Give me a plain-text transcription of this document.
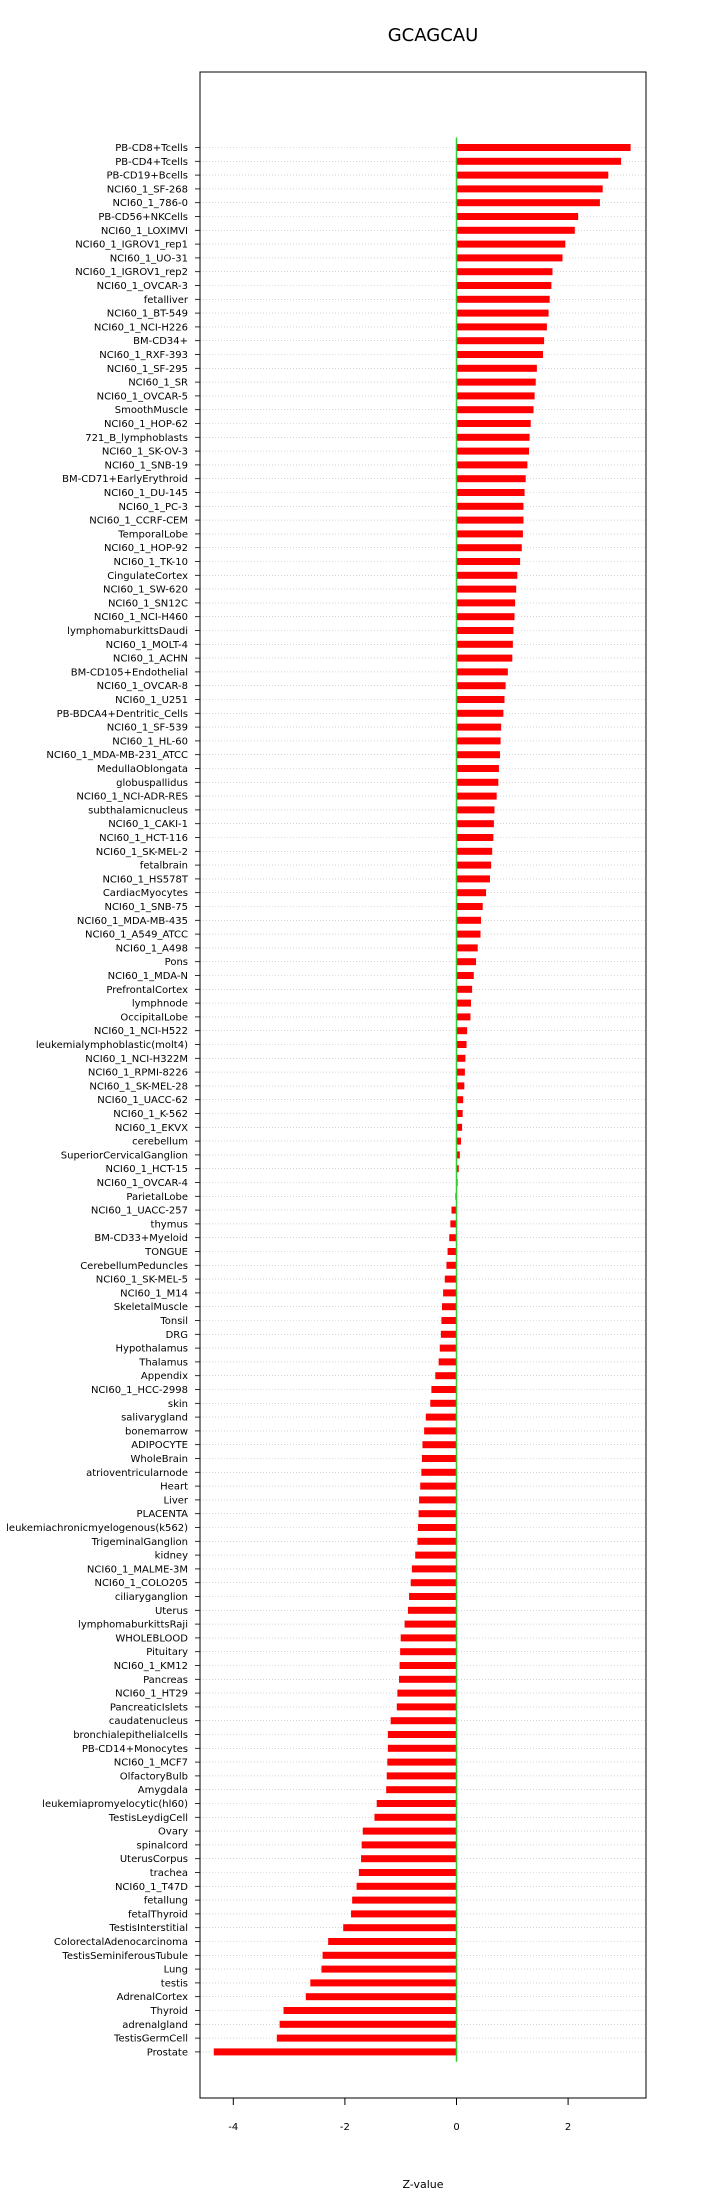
GCAGCAU
PB-CD8+Tcells
PB-CD4+Tcells
PB-CD19+Bcells
NCI60_1_SF-268
NCI60_1_786-0
PB-CD56+NKCells
NCI60_1_LOXIMVI
NCI60_1_IGROV1_rep1
NCI60_1_UO-31
NCI60_1_IGROV1_rep2
NCI60_1_OVCAR-3
fetalliver
NCI60_1_BT-549
NCI60_1_NCI-H226
BM-CD34+
NCI60_1_RXF-393
NCI60_1_SF-295
NCI60_1_SR
NCI60_1_OVCAR-5
SmoothMuscle
NCI60_1_HOP-62
721_B_lymphoblasts
NCI60_1_SK-OV-3
NCI60_1_SNB-19
BM-CD71+EarlyErythroid
NCI60_1_DU-145
NCI60_1_PC-3
NCI60_1_CCRF-CEM
TemporalLobe
NCI60_1_HOP-92
NCI60_1_TK-10
CingulateCortex
NCI60_1_SW-620
NCI60_1_SN12C
NCI60_1_NCI-H460
lymphomaburkittsDaudi
NCI60_1_MOLT-4
NCI60_1_ACHN
BM-CD105+Endothelial
NCI60_1_OVCAR-8
NCI60_1_U251
PB-BDCA4+Dentritic_Cells
NCI60_1_SF-539
NCI60_1_HL-60
NCI60_1_MDA-MB-231_ATCC
MedullaOblongata
globuspallidus
NCI60_1_NCI-ADR-RES
subthalamicnucleus
NCI60_1_CAKI-1
NCI60_1_HCT-116
NCI60_1_SK-MEL-2
fetalbrain
NCI60_1_HS578T
CardiacMyocytes
NCI60_1_SNB-75
NCI60_1_MDA-MB-435
NCI60_1_A549_ATCC
NCI60_1_A498
Pons
NCI60_1_MDA-N
PrefrontalCortex
lymphnode
OccipitalLobe
NCI60_1_NCI-H522
leukemialymphoblastic(molt4)
NCI60_1_NCI-H322M
NCI60_1_RPMI-8226
NCI60_1_SK-MEL-28
NCI60_1_UACC-62
NCI60_1_K-562
NCI60_1_EKVX
cerebellum
SuperiorCervicalGanglion
NCI60_1_HCT-15
NCI60_1_OVCAR-4
ParietalLobe
NCI60_1_UACC-257
thymus
BM-CD33+Myeloid
TONGUE
CerebellumPeduncles
NCI60_1_SK-MEL-5
NCI60_1_M14
SkeletalMuscle
Tonsil
DRG
Hypothalamus
Thalamus
Appendix
NCI60_1_HCC-2998
skin
salivarygland
bonemarrow
ADIPOCYTE
WholeBrain
atrioventricularnode
Heart
Liver
PLACENTA
leukemiachronicmyelogenous(k562)
TrigeminalGanglion
kidney
NCI60_1_MALME-3M
NCI60_1_COLO205
ciliaryganglion
Uterus
lymphomaburkittsRaji
WHOLEBLOOD
Pituitary
NCI60_1_KM12
Pancreas
NCI60_1_HT29
PancreaticIslets
caudatenucleus
bronchialepithelialcells
PB-CD14+Monocytes
NCI60_1_MCF7
OlfactoryBulb
Amygdala
leukemiapromyelocytic(hl60)
TestisLeydigCell
Ovary
spinalcord
UterusCorpus
trachea
NCI60_1_T47D
fetallung
fetalThyroid
TestisInterstitial
ColorectalAdenocarcinoma
TestisSeminiferousTubule
Lung
testis
AdrenalCortex
Thyroid
adrenalgland
TestisGermCell
Prostate
-4	-2	0	2
Z-value
